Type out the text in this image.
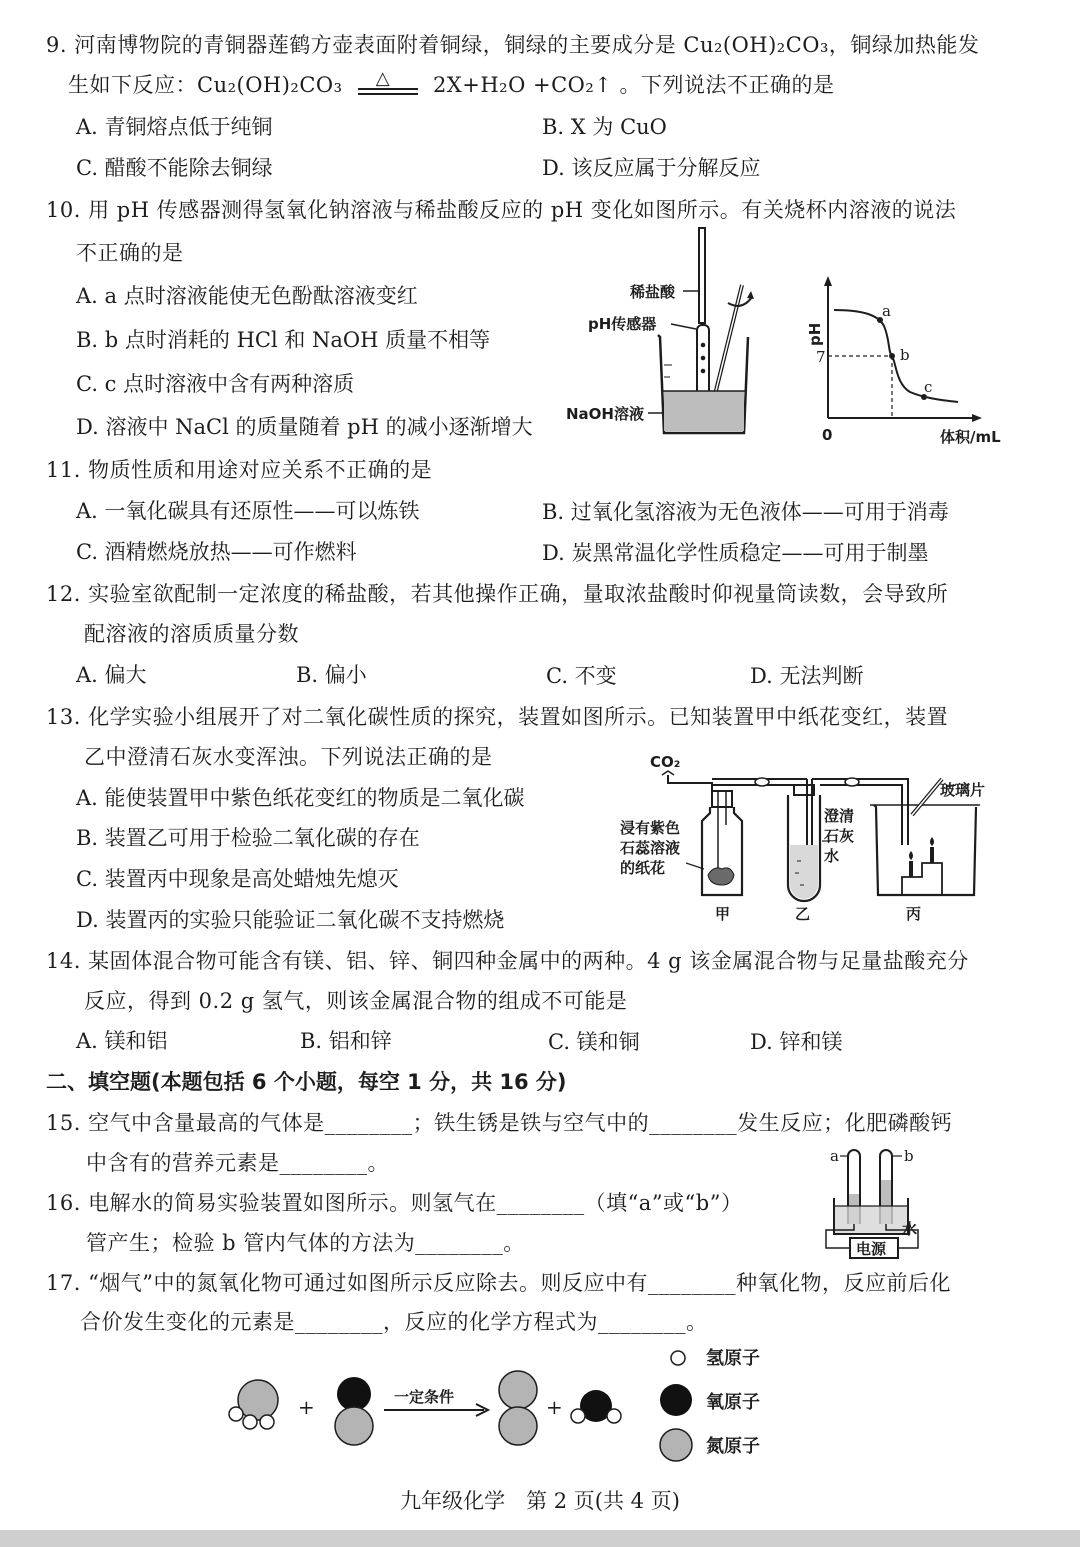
9. 河南博物院的青铜器莲鹤方壶表面附着铜绿，铜绿的主要成分是 Cu₂(OH)₂CO₃，铜绿加热能发
生如下反应：Cu₂(OH)₂CO₃ △ 2X+H₂O +CO₂↑ 。下列说法不正确的是
A. 青铜熔点低于纯铜	B. X 为 CuO
C. 醋酸不能除去铜绿	D. 该反应属于分解反应
10. 用 pH 传感器测得氢氧化钠溶液与稀盐酸反应的 pH 变化如图所示。有关烧杯内溶液的说法
不正确的是
A. a 点时溶液能使无色酚酞溶液变红
B. b 点时消耗的 HCl 和 NaOH 质量不相等
C. c 点时溶液中含有两种溶质
D. 溶液中 NaCl 的质量随着 pH 的减小逐渐增大
稀盐酸
pH传感器
NaOH溶液
a
b
c
pH
7
0	体积/mL
11. 物质性质和用途对应关系不正确的是
A. 一氧化碳具有还原性——可以炼铁	B. 过氧化氢溶液为无色液体——可用于消毒
C. 酒精燃烧放热——可作燃料	D. 炭黑常温化学性质稳定——可用于制墨
12. 实验室欲配制一定浓度的稀盐酸，若其他操作正确，量取浓盐酸时仰视量筒读数，会导致所
配溶液的溶质质量分数
A. 偏大	B. 偏小	C. 不变	D. 无法判断
13. 化学实验小组展开了对二氧化碳性质的探究，装置如图所示。已知装置甲中纸花变红，装置
乙中澄清石灰水变浑浊。下列说法正确的是
A. 能使装置甲中紫色纸花变红的物质是二氧化碳
B. 装置乙可用于检验二氧化碳的存在
C. 装置丙中现象是高处蜡烛先熄灭
D. 装置丙的实验只能验证二氧化碳不支持燃烧
CO₂
玻璃片
浸有紫色
石蕊溶液
的纸花
澄清
石灰
水
甲	乙	丙
14. 某固体混合物可能含有镁、铝、锌、铜四种金属中的两种。4 g 该金属混合物与足量盐酸充分
反应，得到 0.2 g 氢气，则该金属混合物的组成不可能是
A. 镁和铝	B. 铝和锌	C. 镁和铜	D. 锌和镁
二、填空题(本题包括 6 个小题，每空 1 分，共 16 分)
15. 空气中含量最高的气体是________；铁生锈是铁与空气中的________发生反应；化肥磷酸钙
中含有的营养元素是________。
16. 电解水的简易实验装置如图所示。则氢气在________（填“a”或“b”）
管产生；检验 b 管内气体的方法为________。	电源
水
a	b
17. “烟气”中的氮氧化物可通过如图所示反应除去。则反应中有________种氧化物，反应前后化
合价发生变化的元素是________，反应的化学方程式为________。
+	一定条件	+
氢原子
氧原子
氮原子
九年级化学　第 2 页(共 4 页)
